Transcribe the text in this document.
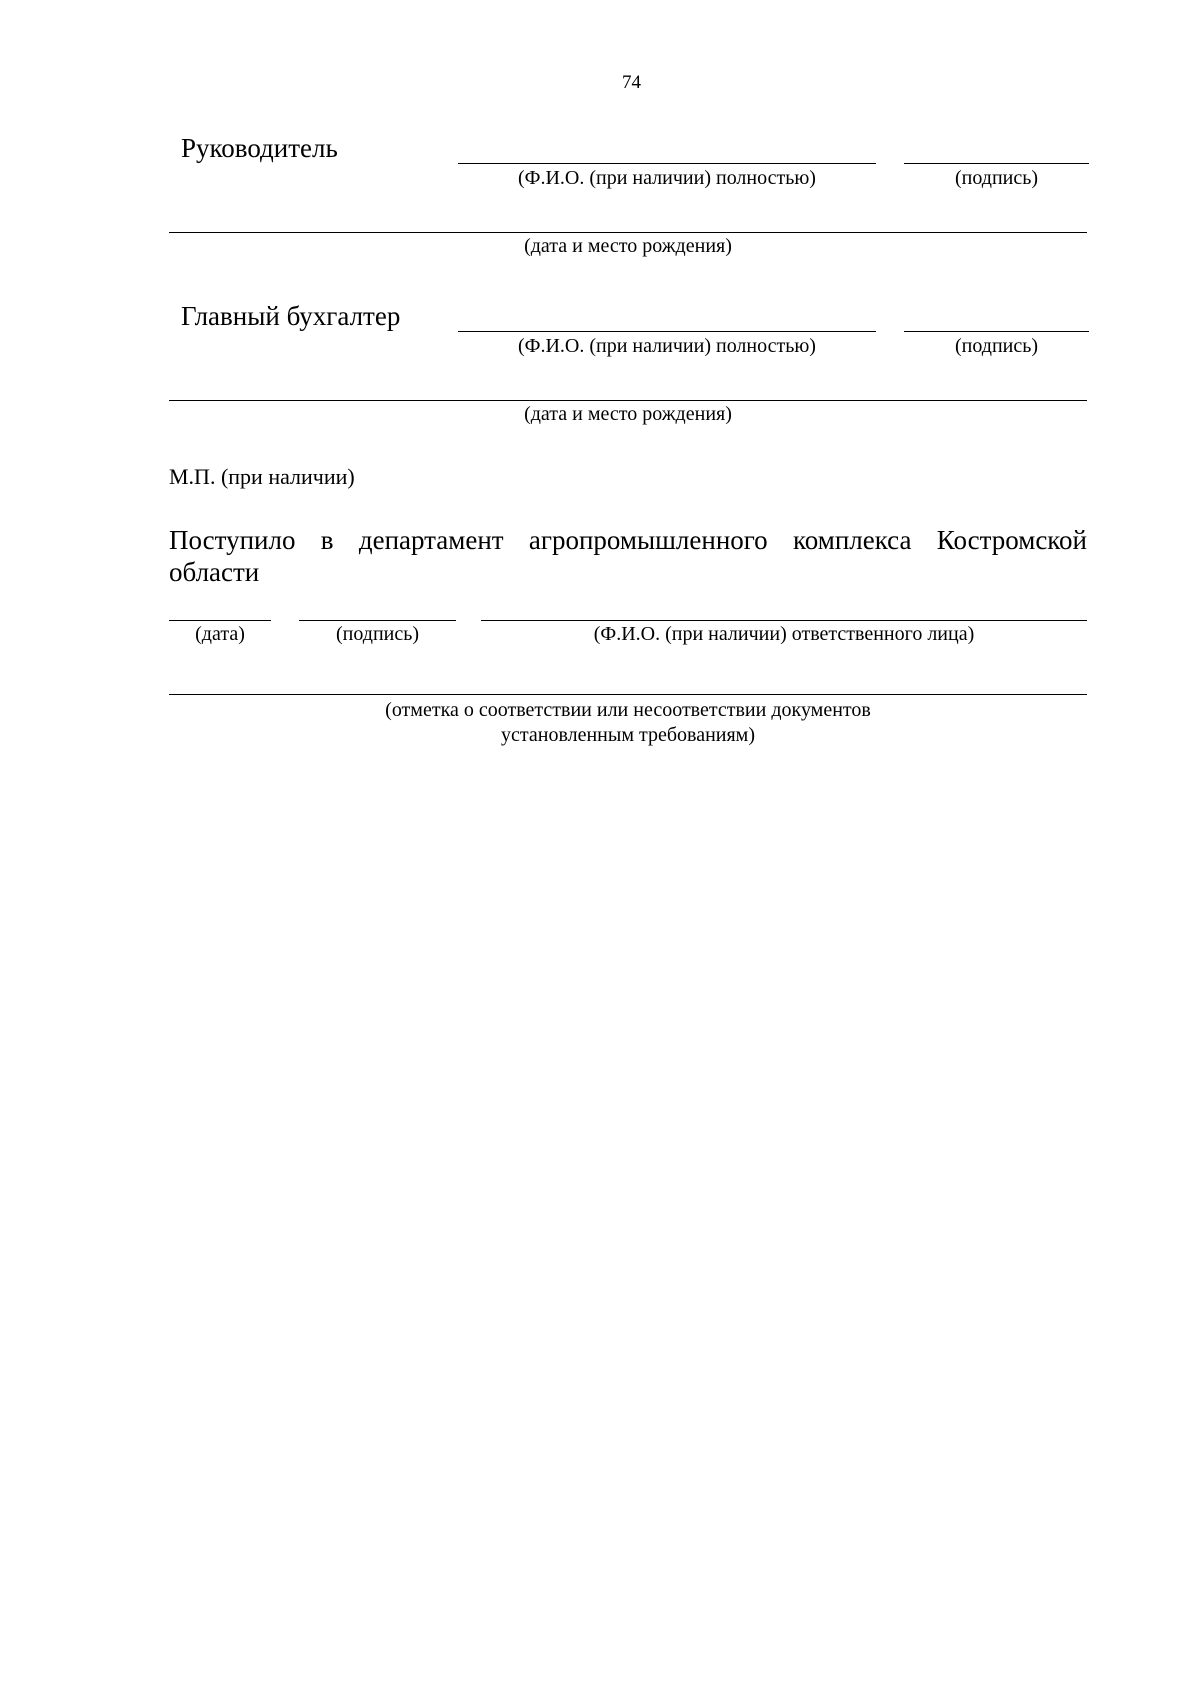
74
Руководитель
(Ф.И.О. (при наличии) полностью)	(подпись)
(дата и место рождения)
Главный бухгалтер
(Ф.И.О. (при наличии) полностью)	(подпись)
(дата и место рождения)
М.П. (при наличии)
Поступило в департамент агропромышленного комплекса Костромской области
(дата)	(подпись)	(Ф.И.О. (при наличии) ответственного лица)
(отметка о соответствии или несоответствии документов
установленным требованиям)
